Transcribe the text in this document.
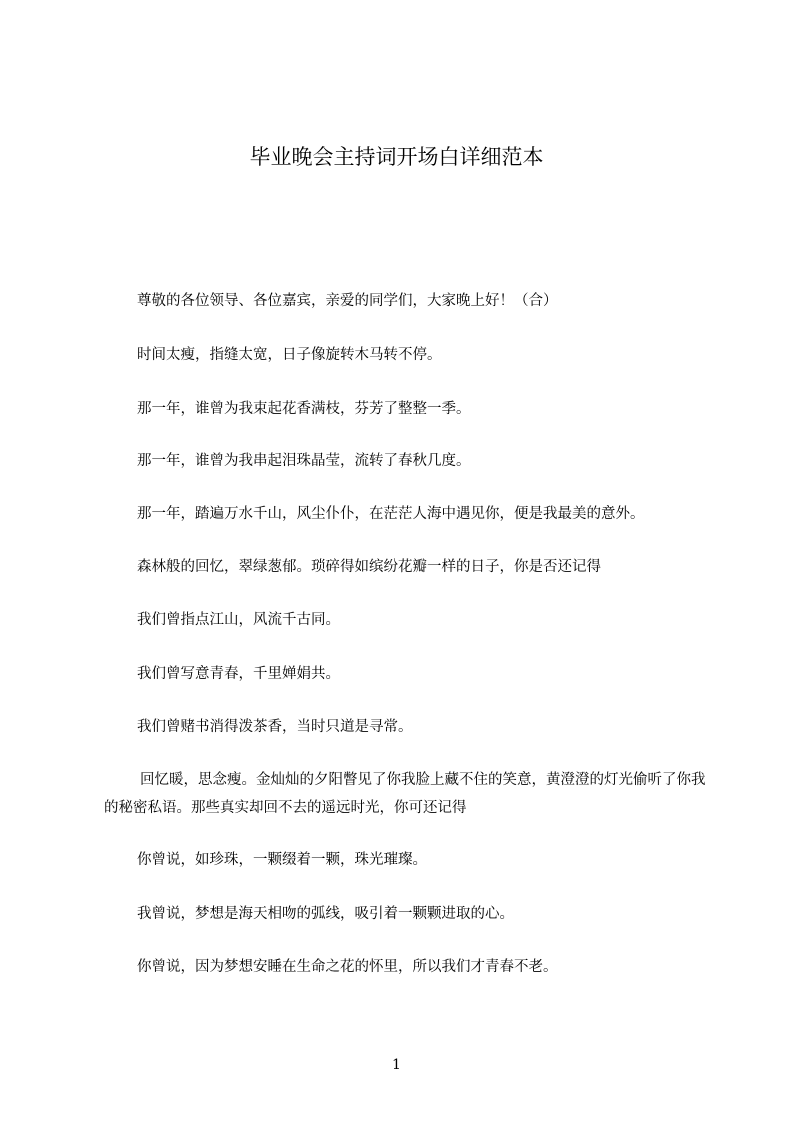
毕业晚会主持词开场白详细范本

尊敬的各位领导、各位嘉宾，亲爱的同学们，大家晚上好！（合）

时间太瘦，指缝太宽，日子像旋转木马转不停。

那一年，谁曾为我束起花香满枝，芬芳了整整一季。

那一年，谁曾为我串起泪珠晶莹，流转了春秋几度。

那一年，踏遍万水千山，风尘仆仆，在茫茫人海中遇见你，便是我最美的意外。

森林般的回忆，翠绿葱郁。琐碎得如缤纷花瓣一样的日子，你是否还记得

我们曾指点江山，风流千古同。

我们曾写意青春，千里婵娟共。

我们曾赌书消得泼茶香，当时只道是寻常。

回忆暖，思念瘦。金灿灿的夕阳瞥见了你我脸上藏不住的笑意，黄澄澄的灯光偷听了你我的秘密私语。那些真实却回不去的遥远时光，你可还记得

你曾说，如珍珠，一颗缀着一颗，珠光璀璨。

我曾说，梦想是海天相吻的弧线，吸引着一颗颗进取的心。

你曾说，因为梦想安睡在生命之花的怀里，所以我们才青春不老。

1
